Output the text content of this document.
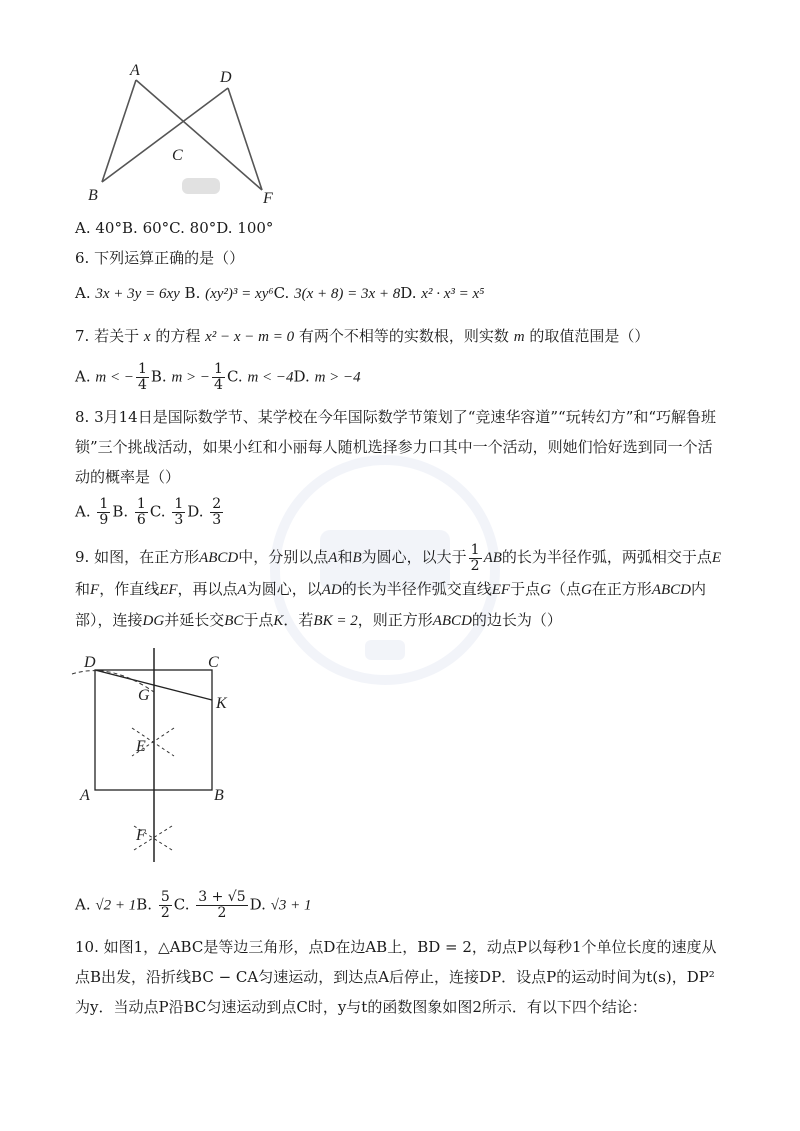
A
B
C
D
F
A. 40°B. 60°C. 80°D. 100°
6. 下列运算正确的是（）
A. 3x + 3y = 6xy B. (xy²)³ = xy⁶C. 3(x + 8) = 3x + 8D. x² · x³ = x⁵
7. 若关于 x 的方程 x² − x − m = 0 有两个不相等的实数根，则实数 m 的取值范围是（）
A. m < − $\frac{1}{4} B$. m > − $\frac{1}{4} C$. m < −4D. m > −4
8. 3月14日是国际数学节、某学校在今年国际数学节策划了“竞速华容道”“玩转幻方”和“巧解鲁班锁”三个挑战活动，如果小红和小丽每人随机选择参力口其中一个活动，则她们恰好选到同一个活动的概率是（）
A. $\frac{1}{9} B$. $\frac{1}{6} C$. $\frac{1}{3} D$. $\frac{2}{3}$
9. 如图，在正方形ABCD中，分别以点A和B为圆心，以大于 $\frac{1}{2}$ AB的长为半径作弧，两弧相交于点E和F，作直线EF，再以点A为圆心，以AD的长为半径作弧交直线EF于点G（点G在正方形ABCD内部），连接DG并延长交BC于点K．若BK = 2，则正方形ABCD的边长为（）
D	C
G	K
E
A	B
F
A. √2 + 1B. $\frac{5}{2} C$. $\frac{3 + √5}{2} D$. √3 + 1
10. 如图1，△ABC是等边三角形，点D在边AB上，BD = 2，动点P以每秒1个单位长度的速度从点B出发，沿折线BC − CA匀速运动，到达点A后停止，连接DP．设点P的运动时间为t(s)，DP²为y．当动点P沿BC匀速运动到点C时，y与t的函数图象如图2所示．有以下四个结论：
